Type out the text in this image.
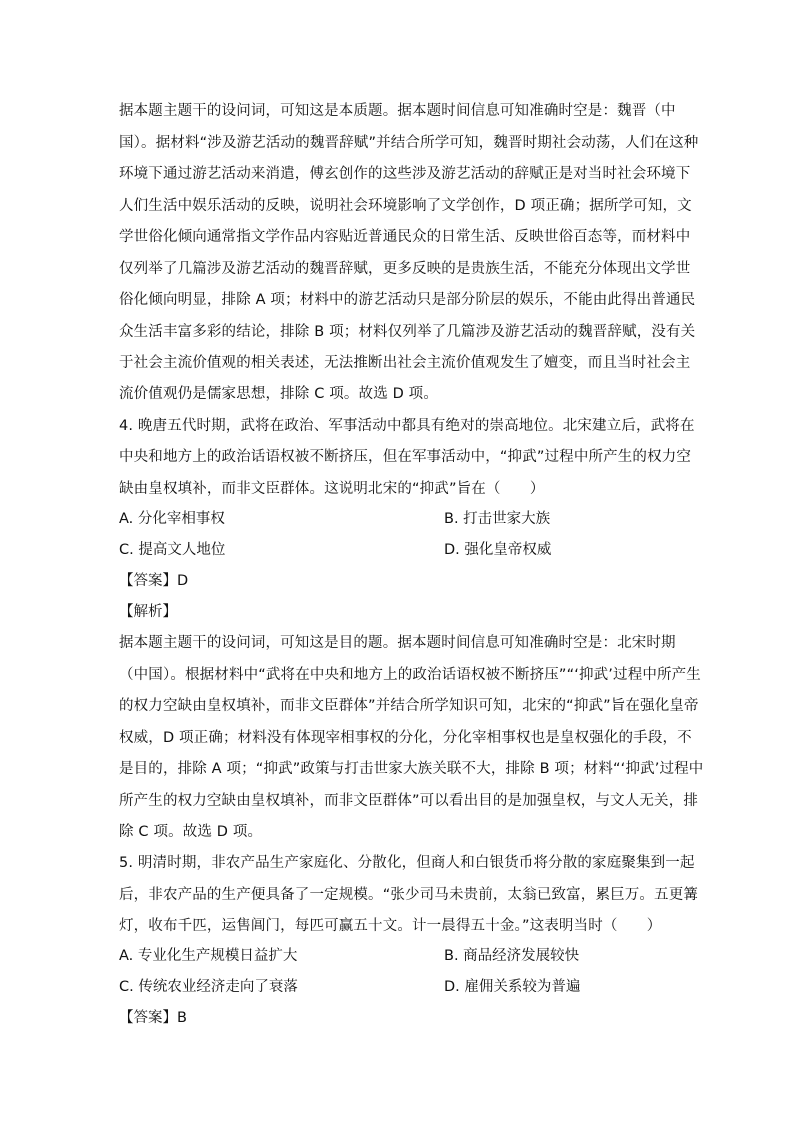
据本题主题干的设问词，可知这是本质题。据本题时间信息可知准确时空是：魏晋（中
国）。据材料“涉及游艺活动的魏晋辞赋”并结合所学可知，魏晋时期社会动荡，人们在这种
环境下通过游艺活动来消遣，傅玄创作的这些涉及游艺活动的辞赋正是对当时社会环境下
人们生活中娱乐活动的反映，说明社会环境影响了文学创作，D 项正确；据所学可知，文
学世俗化倾向通常指文学作品内容贴近普通民众的日常生活、反映世俗百态等，而材料中
仅列举了几篇涉及游艺活动的魏晋辞赋，更多反映的是贵族生活，不能充分体现出文学世
俗化倾向明显，排除 A 项；材料中的游艺活动只是部分阶层的娱乐，不能由此得出普通民
众生活丰富多彩的结论，排除 B 项；材料仅列举了几篇涉及游艺活动的魏晋辞赋，没有关
于社会主流价值观的相关表述，无法推断出社会主流价值观发生了嬗变，而且当时社会主
流价值观仍是儒家思想，排除 C 项。故选 D 项。
4. 晚唐五代时期，武将在政治、军事活动中都具有绝对的崇高地位。北宋建立后，武将在
中央和地方上的政治话语权被不断挤压，但在军事活动中，“抑武”过程中所产生的权力空
缺由皇权填补，而非文臣群体。这说明北宋的“抑武”旨在（　　）
A. 分化宰相事权	B. 打击世家大族
C. 提高文人地位	D. 强化皇帝权威
【答案】D
【解析】
据本题主题干的设问词，可知这是目的题。据本题时间信息可知准确时空是：北宋时期
（中国）。根据材料中“武将在中央和地方上的政治话语权被不断挤压”“‘抑武’过程中所产生
的权力空缺由皇权填补，而非文臣群体”并结合所学知识可知，北宋的“抑武”旨在强化皇帝
权威，D 项正确；材料没有体现宰相事权的分化，分化宰相事权也是皇权强化的手段，不
是目的，排除 A 项；“抑武”政策与打击世家大族关联不大，排除 B 项；材料“‘抑武’过程中
所产生的权力空缺由皇权填补，而非文臣群体”可以看出目的是加强皇权，与文人无关，排
除 C 项。故选 D 项。
5. 明清时期，非农产品生产家庭化、分散化，但商人和白银货币将分散的家庭聚集到一起
后，非农产品的生产便具备了一定规模。“张少司马未贵前，太翁已致富，累巨万。五更篝
灯，收布千匹，运售阊门，每匹可赢五十文。计一晨得五十金。”这表明当时（　　）
A. 专业化生产规模日益扩大	B. 商品经济发展较快
C. 传统农业经济走向了衰落	D. 雇佣关系较为普遍
【答案】B
